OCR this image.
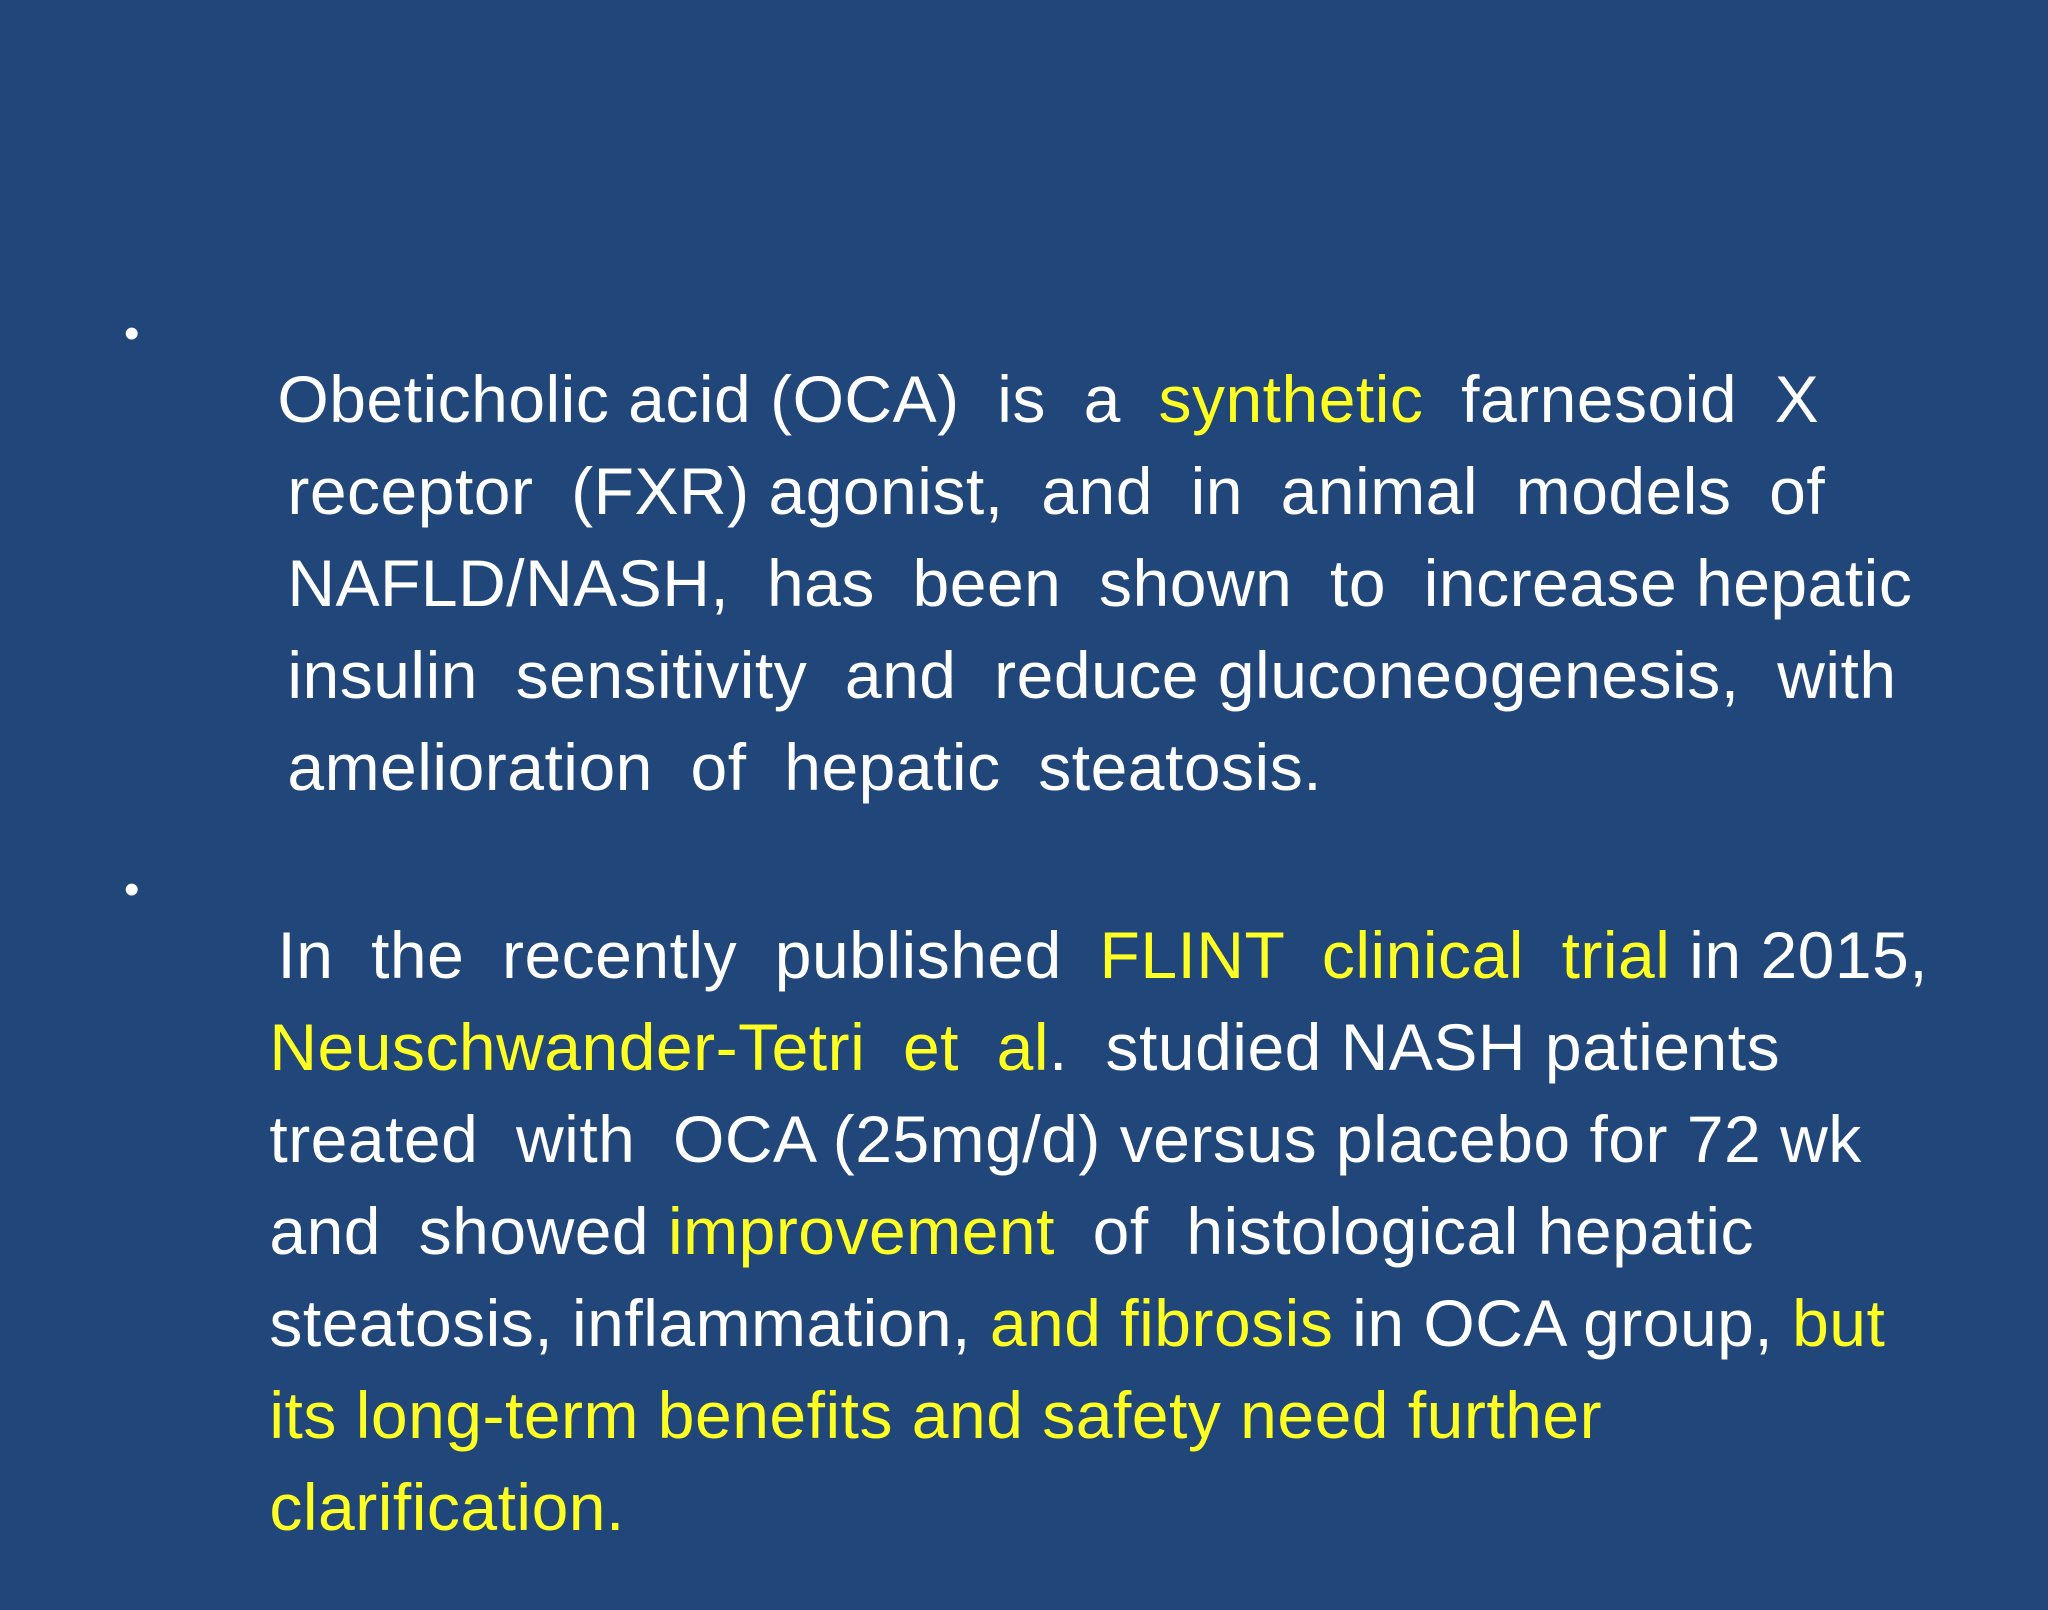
•

Obeticholic acid (OCA)  is  a  synthetic  farnesoid  X

receptor  (FXR) agonist,  and  in  animal  models  of

NAFLD/NASH,  has  been  shown  to  increase hepatic

insulin  sensitivity  and  reduce gluconeogenesis,  with

amelioration  of  hepatic  steatosis.

•

In  the  recently  published  FLINT  clinical  trial in 2015,

Neuschwander-Tetri  et  al.  studied NASH patients

treated  with  OCA (25mg/d) versus placebo for 72 wk

and  showed improvement  of  histological hepatic

steatosis, inflammation, and fibrosis in OCA group, but

its long-term benefits and safety need further

clarification.
